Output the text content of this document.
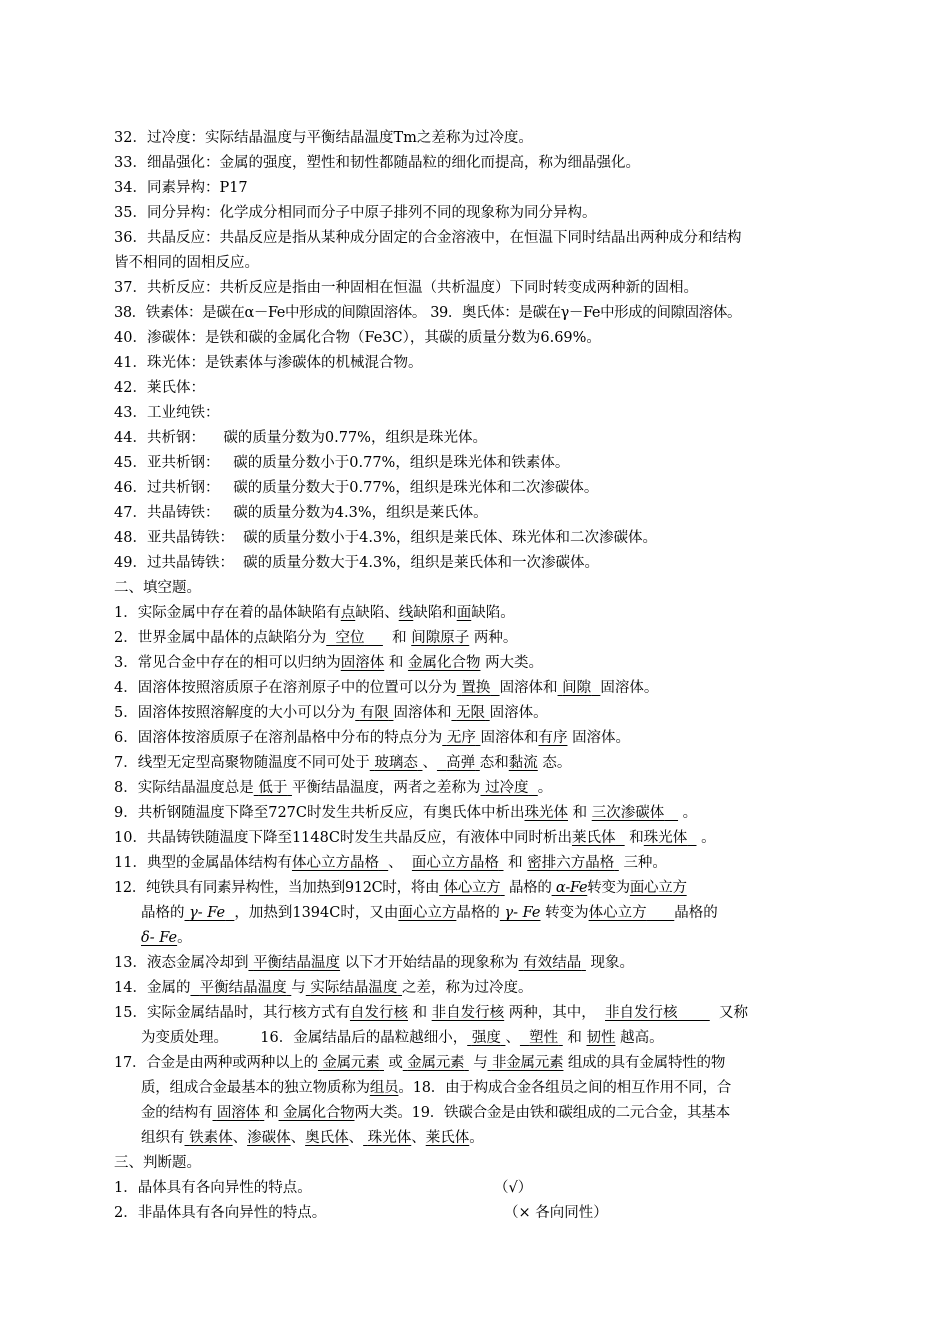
32．过冷度：实际结晶温度与平衡结晶温度Tm之差称为过冷度。
33．细晶强化：金属的强度，塑性和韧性都随晶粒的细化而提高，称为细晶强化。
34．同素异构：P17
35．同分异构：化学成分相同而分子中原子排列不同的现象称为同分异构。
36．共晶反应：共晶反应是指从某种成分固定的合金溶液中，在恒温下同时结晶出两种成分和结构
皆不相同的固相反应。
37．共析反应：共析反应是指由一种固相在恒温（共析温度）下同时转变成两种新的固相。
38．铁素体：是碳在α－Fe中形成的间隙固溶体。 39．奥氏体：是碳在γ－Fe中形成的间隙固溶体。
40．渗碳体：是铁和碳的金属化合物（Fe3C），其碳的质量分数为6.69%。
41．珠光体：是铁素体与渗碳体的机械混合物。
42．莱氏体：
43．工业纯铁：
44．共析钢：    碳的质量分数为0.77%，组织是珠光体。
45．亚共析钢：   碳的质量分数小于0.77%，组织是珠光体和铁素体。
46．过共析钢：   碳的质量分数大于0.77%，组织是珠光体和二次渗碳体。
47．共晶铸铁：   碳的质量分数为4.3%，组织是莱氏体。
48．亚共晶铸铁：  碳的质量分数小于4.3%，组织是莱氏体、珠光体和二次渗碳体。
49．过共晶铸铁：  碳的质量分数大于4.3%，组织是莱氏体和一次渗碳体。
二、填空题。
1．实际金属中存在着的晶体缺陷有点缺陷、线缺陷和面缺陷。
2．世界金属中晶体的点缺陷分为 空位 和 间隙原子 两种。
3．常见合金中存在的相可以归纳为固溶体 和 金属化合物 两大类。
4．固溶体按照溶质原子在溶剂原子中的位置可以分为 置换 固溶体和 间隙 固溶体。
5．固溶体按照溶解度的大小可以分为 有限 固溶体和 无限 固溶体。
6．固溶体按溶质原子在溶剂晶格中分布的特点分为 无序 固溶体和有序 固溶体。
7．线型无定型高聚物随温度不同可处于 玻璃态 、 高弹 态和黏流 态。
8．实际结晶温度总是 低于 平衡结晶温度，两者之差称为 过冷度 。
9．共析钢随温度下降至727C时发生共析反应，有奥氏体中析出珠光体 和 三次渗碳体 。
10．共晶铸铁随温度下降至1148C时发生共晶反应，有液体中同时析出莱氏体 和珠光体 。
11．典型的金属晶体结构有体心立方晶格 、 面心立方晶格 和 密排六方晶格 三种。
12．纯铁具有同素异构性，当加热到912C时，将由 体心立方 晶格的 α-Fe转变为面心立方
晶格的 γ- Fe ，加热到1394C时，又由面心立方晶格的 γ- Fe 转变为体心立方 晶格的
δ- Fe。
13．液态金属冷却到 平衡结晶温度 以下才开始结晶的现象称为 有效结晶 现象。
14．金属的 平衡结晶温度 与 实际结晶温度 之差，称为过冷度。
15．实际金属结晶时，其行核方式有自发行核 和 非自发行核 两种，其中， 非自发行核	又称
为变质处理。 16．金属结晶后的晶粒越细小， 强度 、 塑性 和 韧性 越高。
17．合金是由两种或两种以上的 金属元素 或 金属元素 与 非金属元素 组成的具有金属特性的物
质，组成合金最基本的独立物质称为组员。18．由于构成合金各组员之间的相互作用不同，合
金的结构有 固溶体 和 金属化合物两大类。19．铁碳合金是由铁和碳组成的二元合金，其基本
组织有 铁素体、渗碳体、奥氏体、 珠光体、莱氏体。
三、判断题。
1．晶体具有各向异性的特点。	（√）
2．非晶体具有各向异性的特点。	（× 各向同性）
